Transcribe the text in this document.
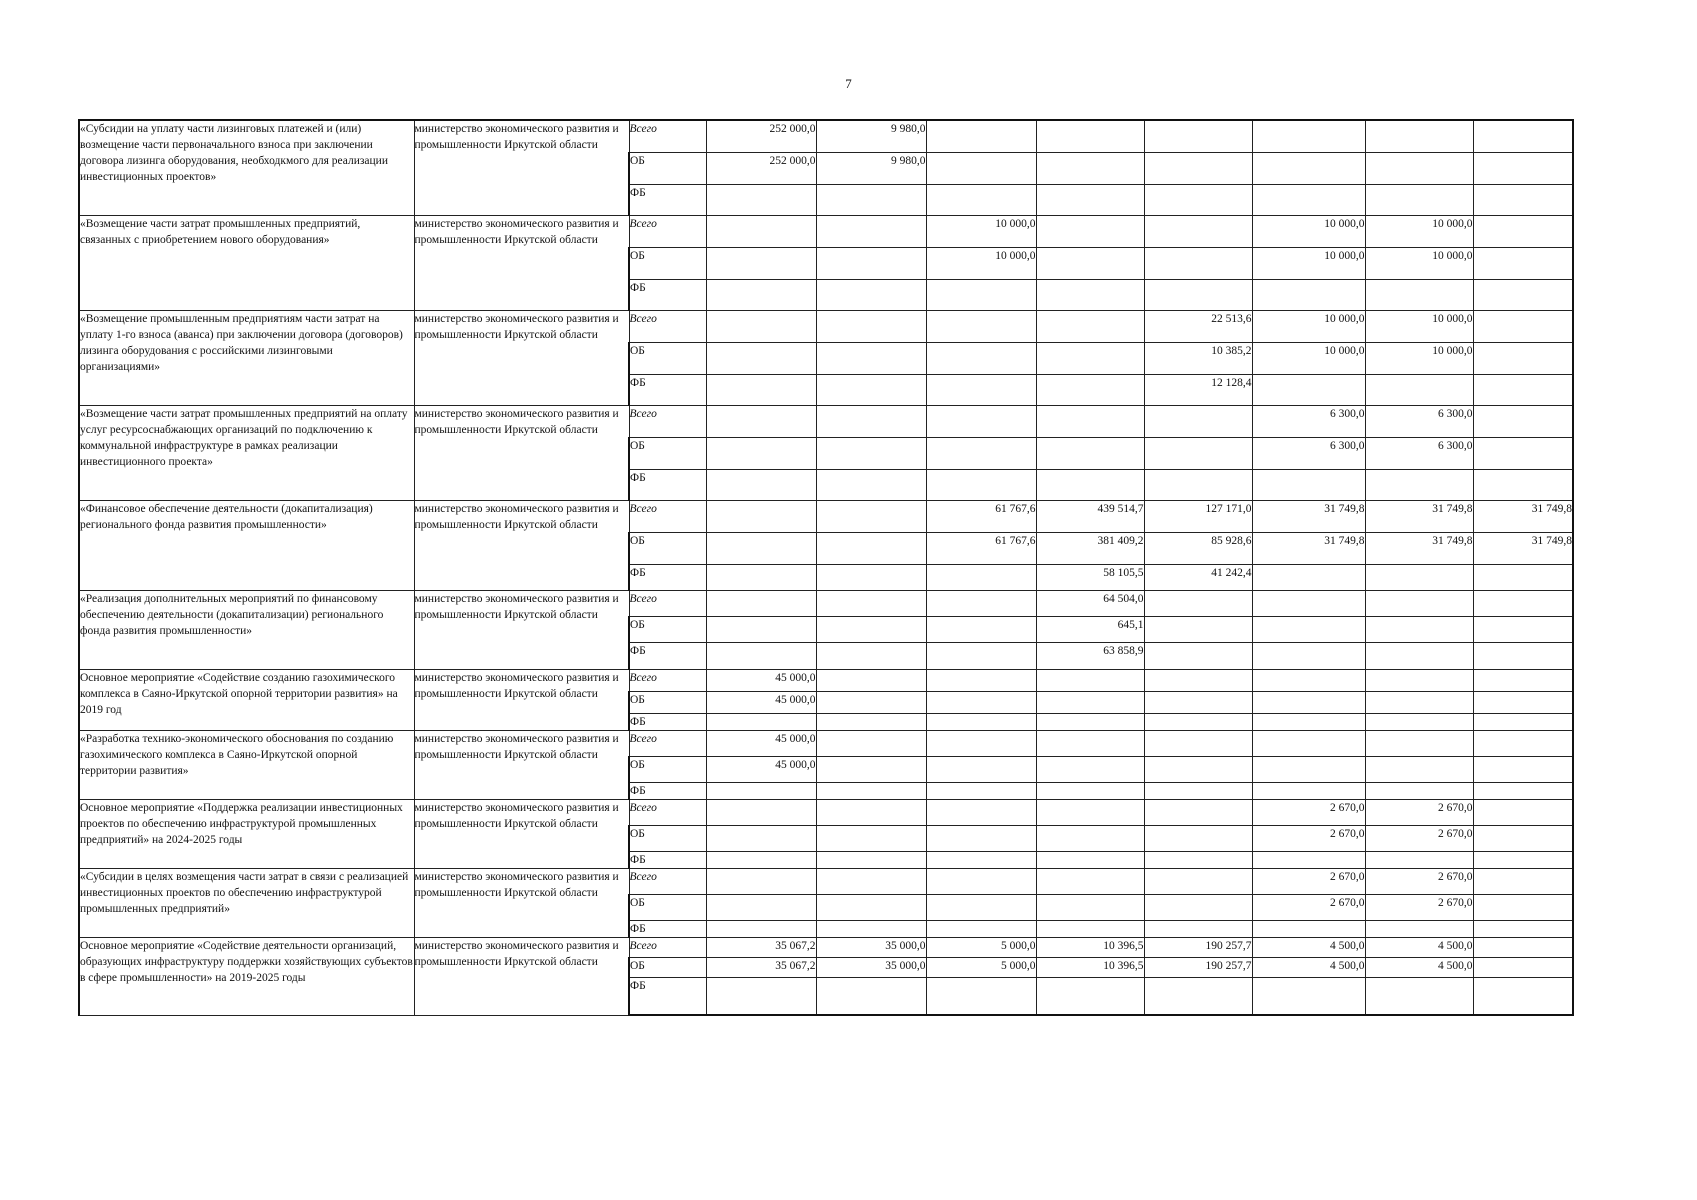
7
«Субсидии на уплату части лизинговых платежей и (или) возмещение части первоначального взноса при заключении договора лизинга оборудования, необходкмого для реализации инвестиционных проектов»	министерство экономического развития и промышленности Иркутской области	Всего	252 000,0	9 980,0						
		ОБ	252 000,0	9 980,0						
		ФБ								
«Возмещение части затрат промышленных предприятий, связанных с приобретением нового оборудования»	министерство экономического развития и промышленности Иркутской области	Всего			10 000,0			10 000,0	10 000,0	
		ОБ			10 000,0			10 000,0	10 000,0	
		ФБ								
«Возмещение промышленным предприятиям части затрат на уплату 1-го взноса (аванса) при заключении договора (договоров) лизинга оборудования с российскими лизинговыми организациями»	министерство экономического развития и промышленности Иркутской области	Всего					22 513,6	10 000,0	10 000,0	
		ОБ					10 385,2	10 000,0	10 000,0	
		ФБ					12 128,4			
«Возмещение части затрат промышленных предприятий на оплату услуг ресурсоснабжающих организаций по подключению к коммунальной инфраструктуре в рамках реализации инвестиционного проекта»	министерство экономического развития и промышленности Иркутской области	Всего						6 300,0	6 300,0	
		ОБ						6 300,0	6 300,0	
		ФБ								
«Финансовое обеспечение деятельности (докапитализация) регионального фонда развития промышленности»	министерство экономического развития и промышленности Иркутской области	Всего			61 767,6	439 514,7	127 171,0	31 749,8	31 749,8	31 749,8
		ОБ			61 767,6	381 409,2	85 928,6	31 749,8	31 749,8	31 749,8
		ФБ				58 105,5	41 242,4			
«Реализация дополнительных мероприятий по финансовому обеспечению деятельности (докапитализации) регионального фонда развития промышленности»	министерство экономического развития и промышленности Иркутской области	Всего				64 504,0				
		ОБ				645,1				
		ФБ				63 858,9				
Основное мероприятие «Содействие созданию газохимического комплекса в Саяно-Иркутской опорной территории развития» на 2019 год	министерство экономического развития и промышленности Иркутской области	Всего	45 000,0							
		ОБ	45 000,0							
		ФБ								
«Разработка технико-экономического обоснования по созданию газохимического комплекса в Саяно-Иркутской опорной территории развития»	министерство экономического развития и промышленности Иркутской области	Всего	45 000,0							
		ОБ	45 000,0							
		ФБ								
Основное мероприятие «Поддержка реализации инвестиционных проектов по обеспечению инфраструктурой промышленных предприятий» на 2024-2025 годы	министерство экономического развития и промышленности Иркутской области	Всего						2 670,0	2 670,0	
		ОБ						2 670,0	2 670,0	
		ФБ								
«Субсидии в целях возмещения части затрат в связи с реализацией инвестиционных проектов по обеспечению инфраструктурой промышленных предприятий»	министерство экономического развития и промышленности Иркутской области	Всего						2 670,0	2 670,0	
		ОБ						2 670,0	2 670,0	
		ФБ								
Основное мероприятие «Содействие деятельности организаций, образующих инфраструктуру поддержки хозяйствующих субъектов в сфере промышленности» на 2019-2025 годы	министерство экономического развития и промышленности Иркутской области	Всего	35 067,2	35 000,0	5 000,0	10 396,5	190 257,7	4 500,0	4 500,0	
		ОБ	35 067,2	35 000,0	5 000,0	10 396,5	190 257,7	4 500,0	4 500,0	
		ФБ								
